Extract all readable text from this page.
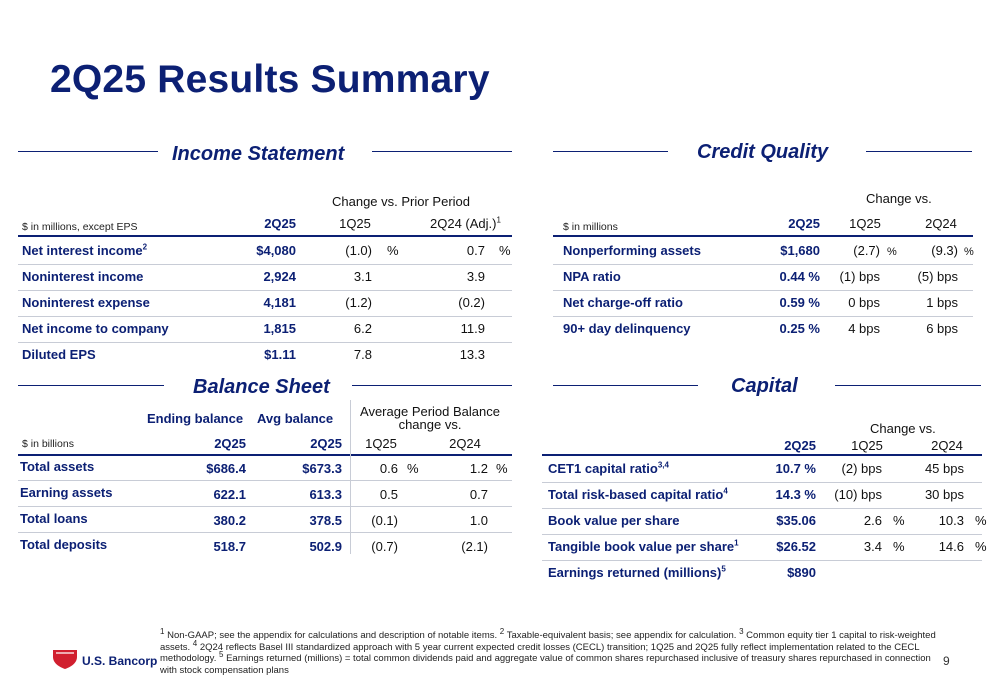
2Q25 Results Summary
Income Statement
Change vs. Prior Period
$ in millions, except EPS	2Q25	1Q25	2Q24 $(Adj.)^1$
Net interest income$^2$	$4,080	(1.0) %	0.7 %
Noninterest income	2,924	3.1	3.9
Noninterest expense	4,181	(1.2)	(0.2)
Net income to company	1,815	6.2	11.9
Diluted EPS	$1.11	7.8	13.3
Credit Quality
Change vs.
$ in millions	2Q25	1Q25	2Q24
Nonperforming assets	$1,680	(2.7) %	(9.3) %
NPA ratio	0.44 %	(1) bps	(5) bps
Net charge-off ratio	0.59 %	0 bps	1 bps
90+ day delinquency	0.25 %	4 bps	6 bps
Balance Sheet
Ending balance Avg balance	Average Period Balance change vs.
$ in billions	2Q25	2Q25	1Q25	2Q24
Total assets	$686.4	$673.3	0.6 %	1.2 %
Earning assets	622.1	613.3	0.5	0.7
Total loans	380.2	378.5	(0.1)	1.0
Total deposits	518.7	502.9	(0.7)	(2.1)
Capital
Change vs.
2Q25	1Q25	2Q24
CET1 capital ratio$^{3,4}$	10.7 %	(2) bps	45 bps
Total risk-based capital ratio$^4$	14.3 %	(10) bps	30 bps
Book value per share	$35.06	2.6 %	10.3 %
Tangible book value per share$^1$	$26.52	3.4 %	14.6 %
Earnings returned (millions)$^5$	$890
U.S. Bancorp
$^1$ Non-GAAP; see the appendix for calculations and description of notable items. $^2$ Taxable-equivalent basis; see appendix for calculation. $^3$ Common equity tier 1 capital to risk-weighted assets. $^4$ 2Q24 reflects Basel III standardized approach with 5 year current expected credit losses (CECL) transition; 1Q25 and 2Q25 fully reflect implementation related to the CECL methodology. $^5$ Earnings returned (millions) = total common dividends paid and aggregate value of common shares repurchased inclusive of treasury shares repurchased in connection with stock compensation plans
9
